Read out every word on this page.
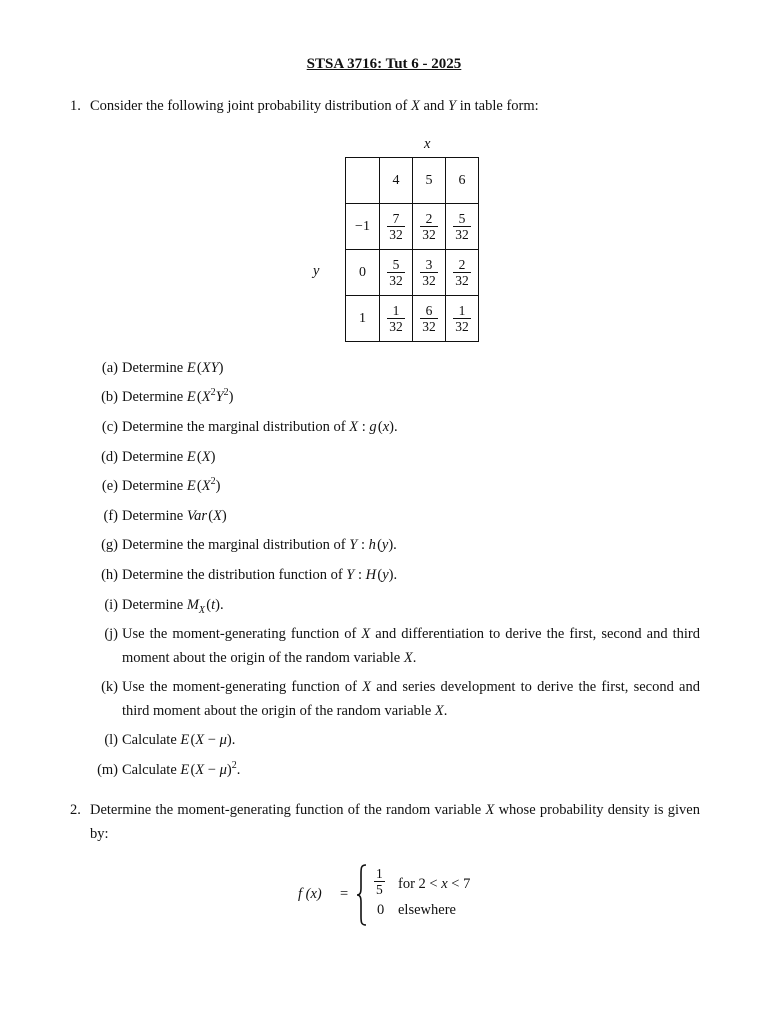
STSA 3716: Tut 6 - 2025
1. Consider the following joint probability distribution of X and Y in table form:
x
y
	4	5	6
−1	$\frac{7}{32}$	$\frac{2}{32}$	$\frac{5}{32}$

0	$\frac{5}{32}$	$\frac{3}{32}$	$\frac{2}{32}$

1	$\frac{1}{32}$	$\frac{6}{32}$	$\frac{1}{32}$
(a) Determine E (XY)
(b) Determine E $(X^2Y^2)$
(c) Determine the marginal distribution of X : g (x).
(d) Determine E (X)
(e) Determine E $(X^2)$
(f) Determine Var (X)
(g) Determine the marginal distribution of Y : h (y).
(h) Determine the distribution function of Y : H (y).
(i) Determine $M_X$ (t).
(j) Use the moment-generating function of X and differentiation to derive the first, second and third moment about the origin of the random variable X.
(k) Use the moment-generating function of X and series development to derive the first, second and third moment about the origin of the random variable X.
(l) Calculate E (X − μ).
(m) Calculate E $(X - \mu)^2$.
2. Determine the moment-generating function of the random variable X whose probability density is given by:
f $(x) = \frac{1}{5}$ for 2 < x < 7
0 elsewhere
